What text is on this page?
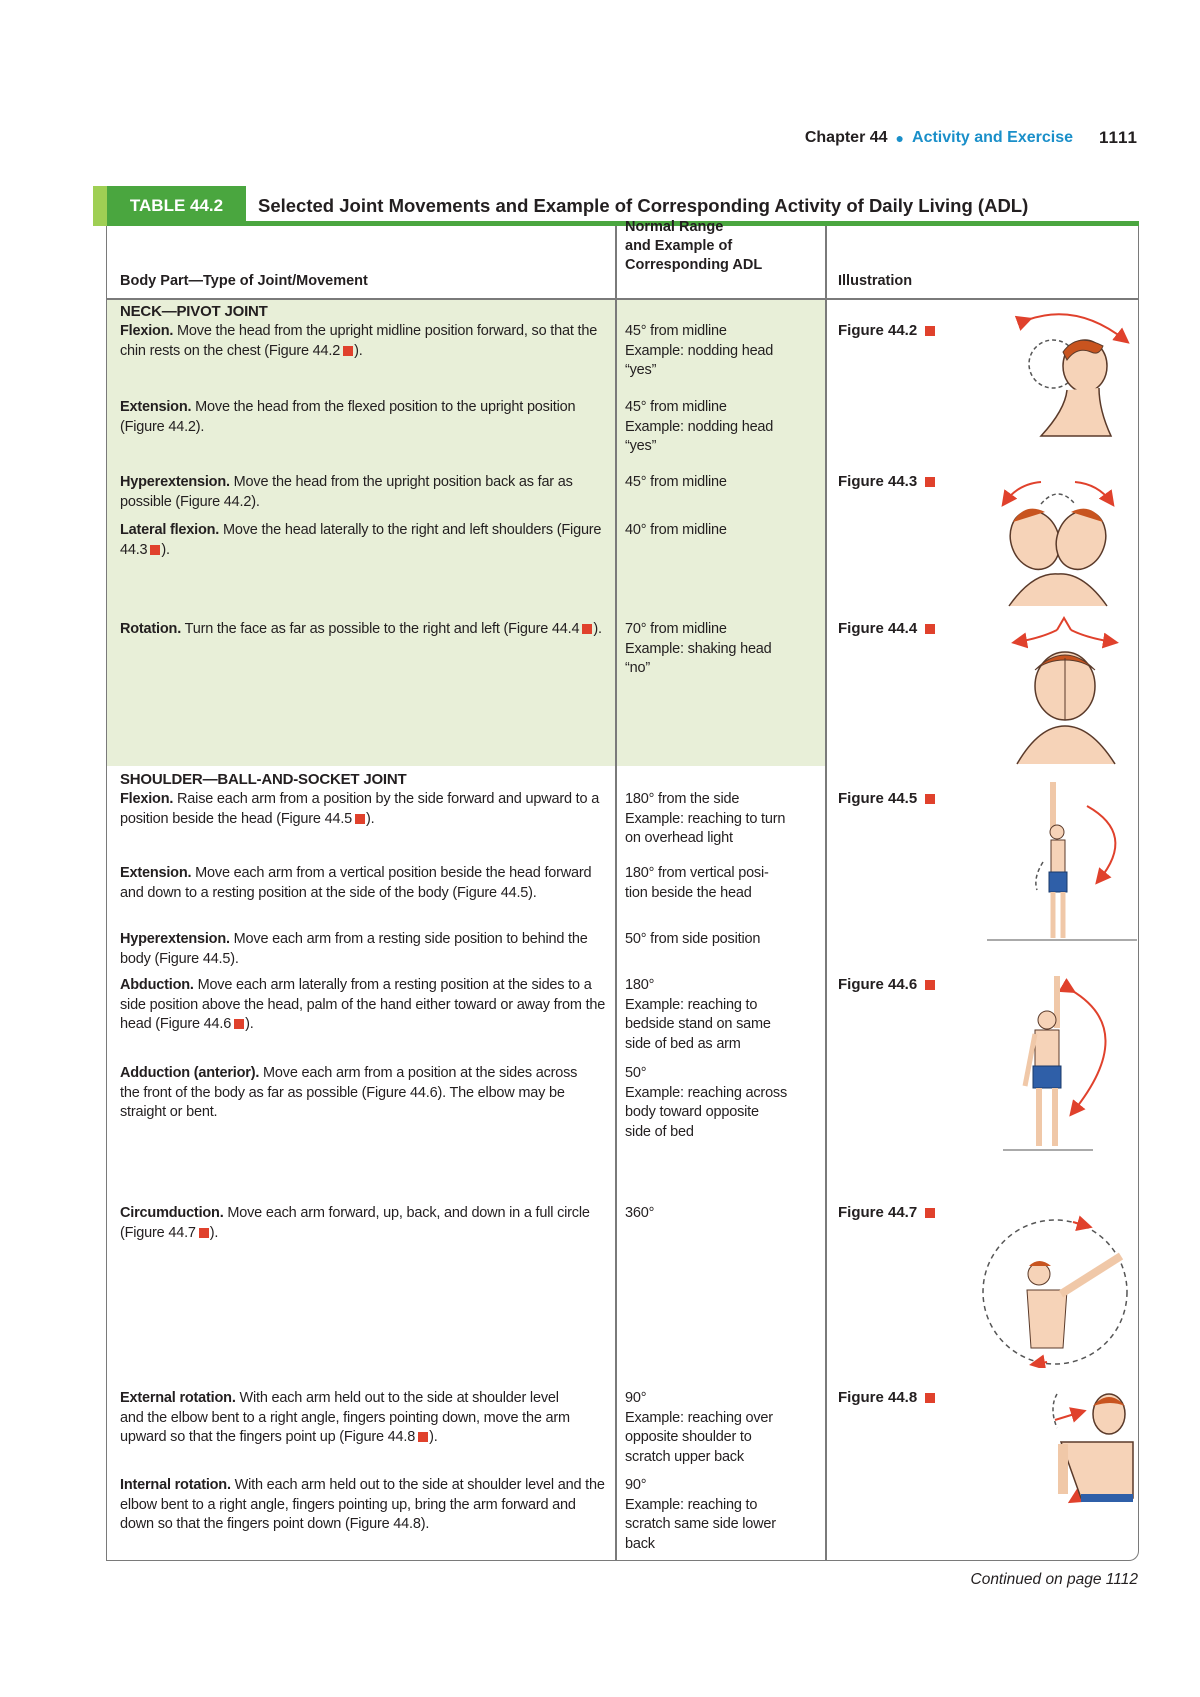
Chapter 44 ● Activity and Exercise 1111
TABLE 44.2	Selected Joint Movements and Example of Corresponding Activity of Daily Living (ADL)
Body Part—Type of Joint/Movement
Normal Range
and Example of
Corresponding ADL
Illustration
NECK—PIVOT JOINT
Flexion. Move the head from the upright midline position forward, so that the chin rests on the chest (Figure 44.2 ).
45° from midline
Example: nodding head
“yes”
Extension. Move the head from the flexed position to the upright position (Figure 44.2).
45° from midline
Example: nodding head
“yes”
Hyperextension. Move the head from the upright position back as far as possible (Figure 44.2).
45° from midline
Lateral flexion. Move the head laterally to the right and left shoulders (Figure 44.3 ).
40° from midline
Rotation. Turn the face as far as possible to the right and left (Figure 44.4 ).	70° from midline
Example: shaking head
“no”
SHOULDER—BALL-AND-SOCKET JOINT
Flexion. Raise each arm from a position by the side forward and upward to a position beside the head (Figure 44.5 ).
180° from the side
Example: reaching to turn
on overhead light
Extension. Move each arm from a vertical position beside the head forward and down to a resting position at the side of the body (Figure 44.5).
180° from vertical posi-
tion beside the head
Hyperextension. Move each arm from a resting side position to behind the body (Figure 44.5).
50° from side position
Abduction. Move each arm laterally from a resting position at the sides to a side position above the head, palm of the hand either toward or away from the head (Figure 44.6 ).
180°
Example: reaching to
bedside stand on same
side of bed as arm
Adduction (anterior). Move each arm from a position at the sides across the front of the body as far as possible (Figure 44.6). The elbow may be straight or bent.
50°
Example: reaching across
body toward opposite
side of bed
Circumduction. Move each arm forward, up, back, and down in a full circle (Figure 44.7 ).
360°
External rotation. With each arm held out to the side at shoulder level and the elbow bent to a right angle, fingers pointing down, move the arm upward so that the fingers point up (Figure 44.8 ).
90°
Example: reaching over
opposite shoulder to
scratch upper back
Internal rotation. With each arm held out to the side at shoulder level and the elbow bent to a right angle, fingers pointing up, bring the arm forward and down so that the fingers point down (Figure 44.8).
90°
Example: reaching to
scratch same side lower
back
Figure 44.2
Figure 44.3
Figure 44.4
Figure 44.5
Figure 44.6
Figure 44.7
Figure 44.8
Continued on page 1112
